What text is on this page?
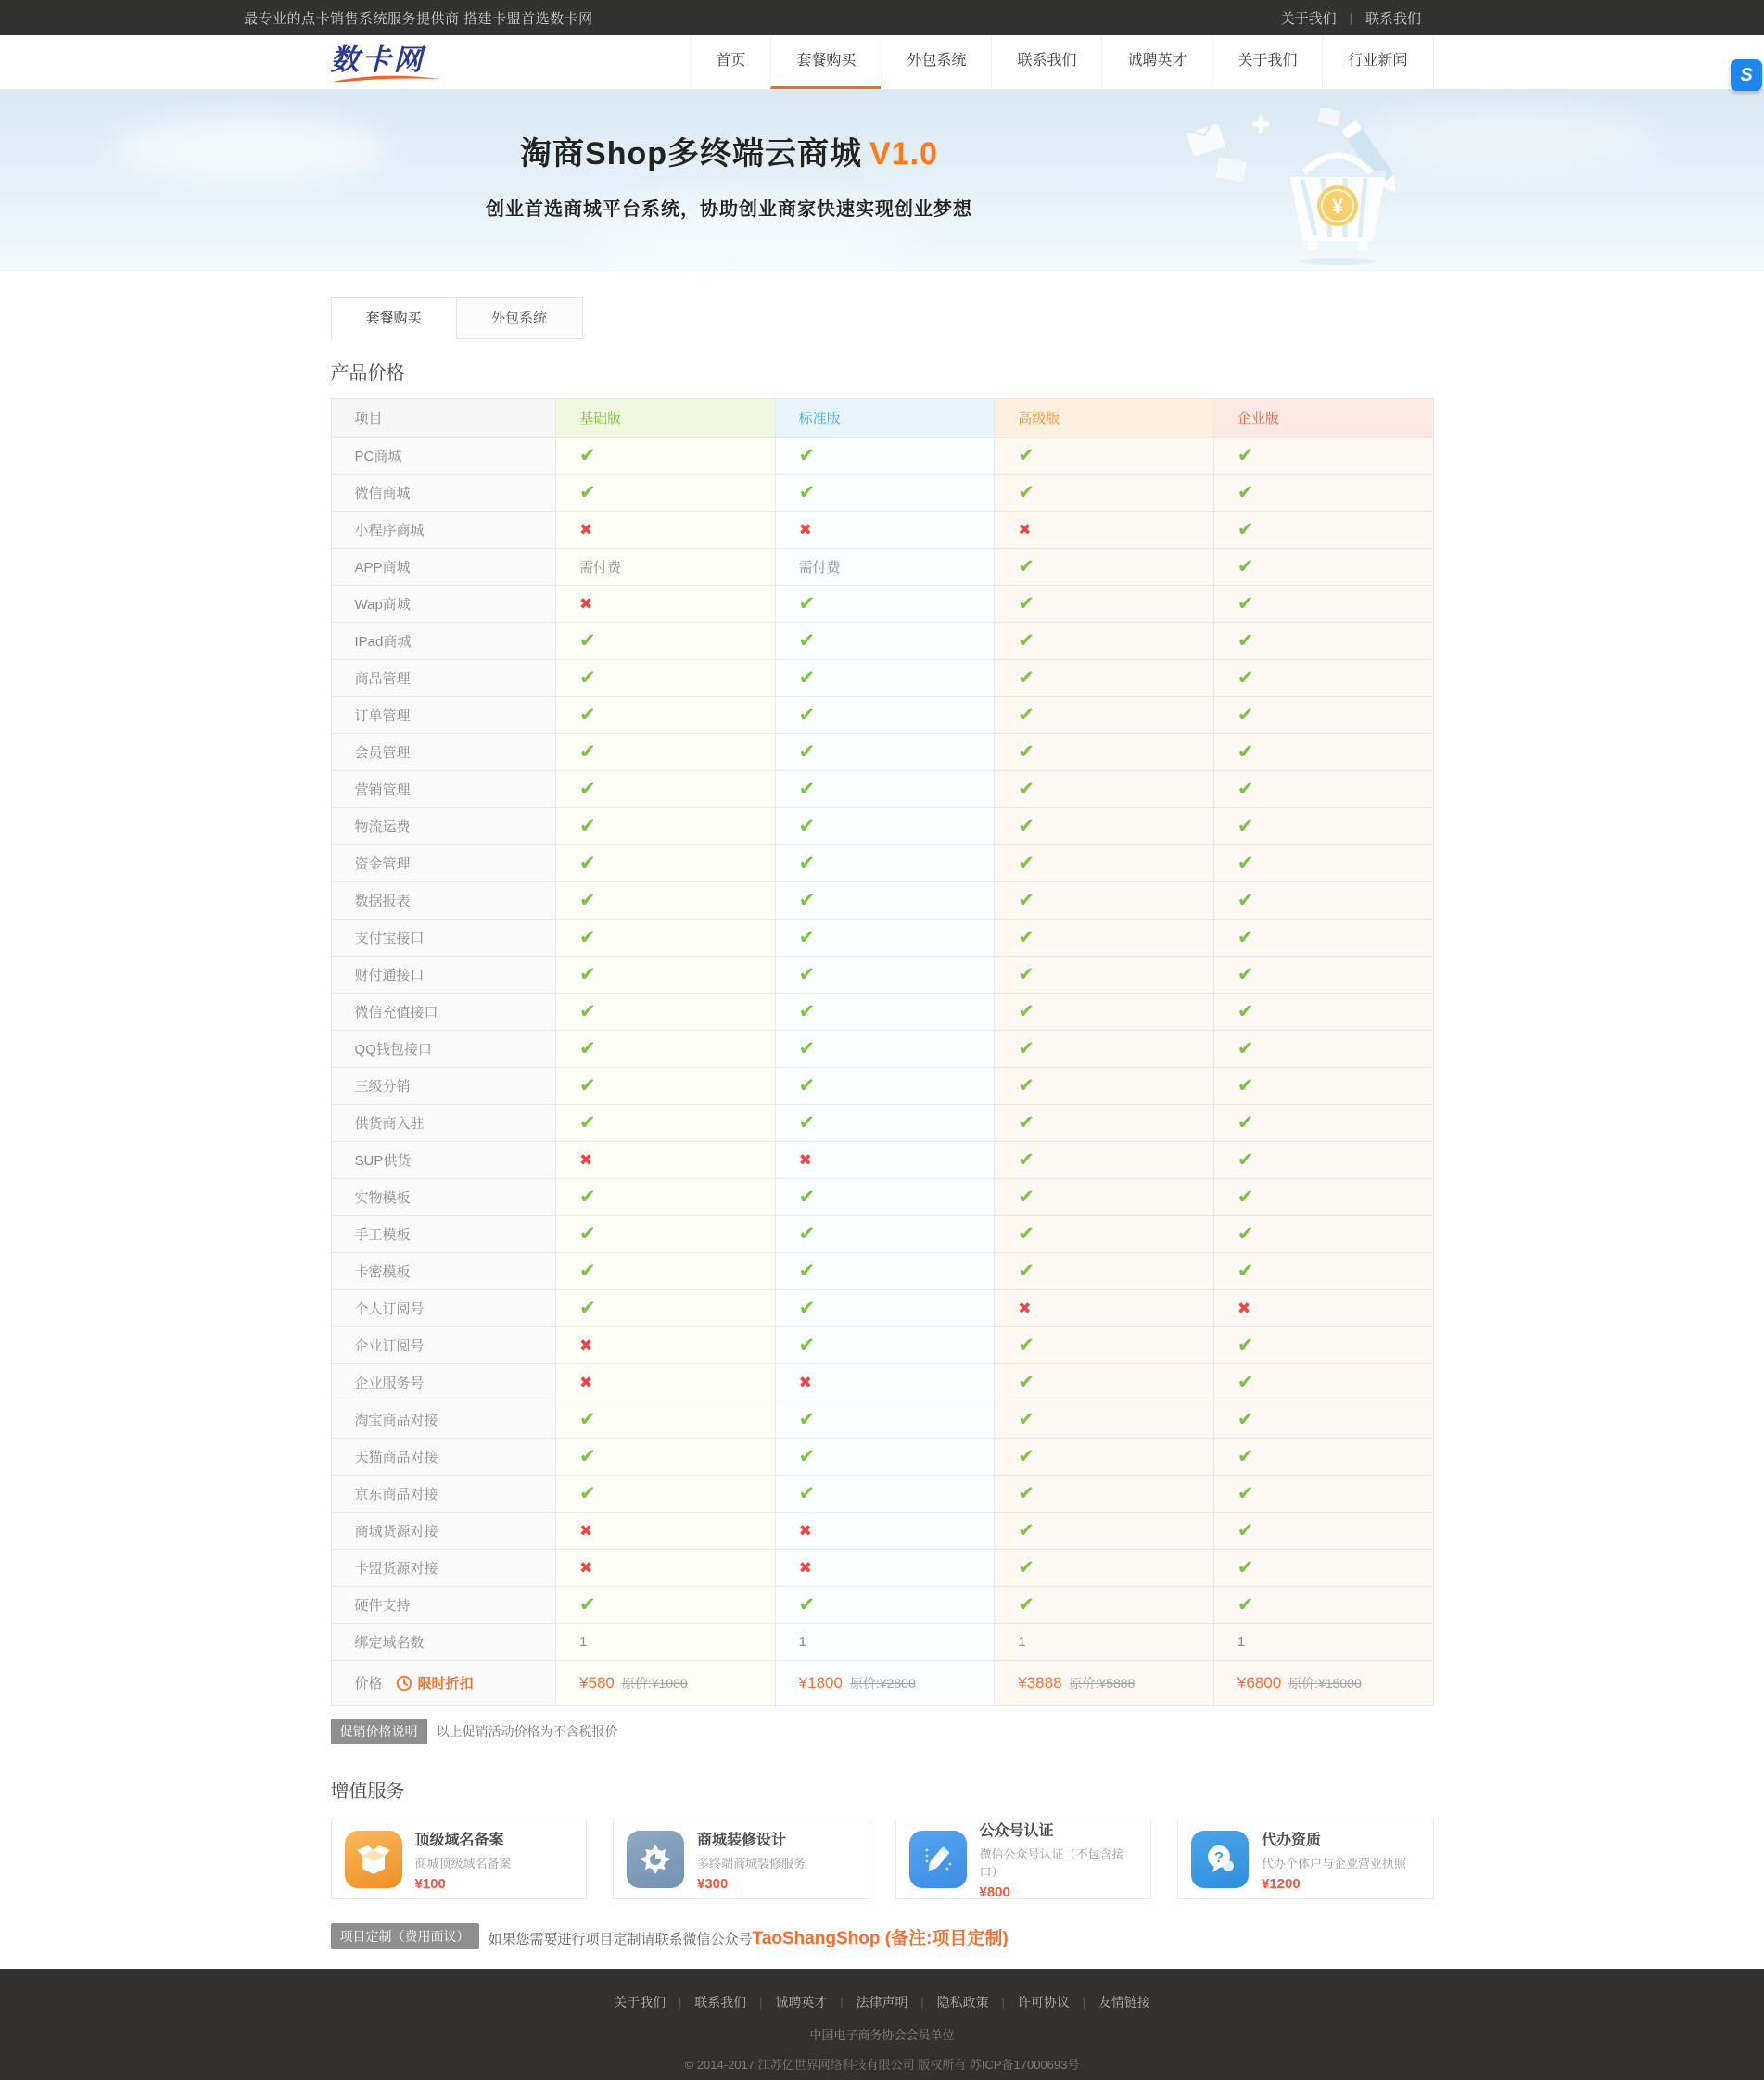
最专业的点卡销售系统服务提供商 搭建卡盟首选数卡网	关于我们 | 联系我们
数卡网	首页	套餐购买	外包系统	联系我们	诚聘英才	关于我们	行业新闻
S
淘商Shop多终端云商城 V1.0
创业首选商城平台系统，协助创业商家快速实现创业梦想	¥
套餐购买	外包系统
产品价格
项目	基础版	标准版	高级版	企业版
PC商城	✔	✔	✔	✔
微信商城	✔	✔	✔	✔
小程序商城	✖	✖	✖	✔
APP商城	需付费	需付费	✔	✔
Wap商城	✖	✔	✔	✔
IPad商城	✔	✔	✔	✔
商品管理	✔	✔	✔	✔
订单管理	✔	✔	✔	✔
会员管理	✔	✔	✔	✔
营销管理	✔	✔	✔	✔
物流运费	✔	✔	✔	✔
资金管理	✔	✔	✔	✔
数据报表	✔	✔	✔	✔
支付宝接口	✔	✔	✔	✔
财付通接口	✔	✔	✔	✔
微信充值接口	✔	✔	✔	✔
QQ钱包接口	✔	✔	✔	✔
三级分销	✔	✔	✔	✔
供货商入驻	✔	✔	✔	✔
SUP供货	✖	✖	✔	✔
实物模板	✔	✔	✔	✔
手工模板	✔	✔	✔	✔
卡密模板	✔	✔	✔	✔
个人订阅号	✔	✔	✖	✖
企业订阅号	✖	✔	✔	✔
企业服务号	✖	✖	✔	✔
淘宝商品对接	✔	✔	✔	✔
天猫商品对接	✔	✔	✔	✔
京东商品对接	✔	✔	✔	✔
商城货源对接	✖	✖	✔	✔
卡盟货源对接	✖	✖	✔	✔
硬件支持	✔	✔	✔	✔
绑定域名数	1	1	1	1

价格 限时折扣	¥580 原价:¥1080	¥1800 原价:¥2800	¥3888 原价:¥5888	¥6800 原价:¥15000
促销价格说明	以上促销活动价格为不含税报价
增值服务
顶级域名备案
商城顶级域名备案
¥100
商城装修设计
多终端商城装修服务
¥300
公众号认证
微信公众号认证（不包含接口）
¥800
?
代办资质
代办个体户与企业营业执照
¥1200
项目定制（费用面议）	如果您需要进行项目定制请联系微信公众号TaoShangShop (备注:项目定制)
关于我们 | 联系我们 | 诚聘英才 | 法律声明 | 隐私政策 | 许可协议 | 友情链接
中国电子商务协会会员单位
© 2014-2017 江苏亿世界网络科技有限公司 版权所有 苏ICP备17000693号
